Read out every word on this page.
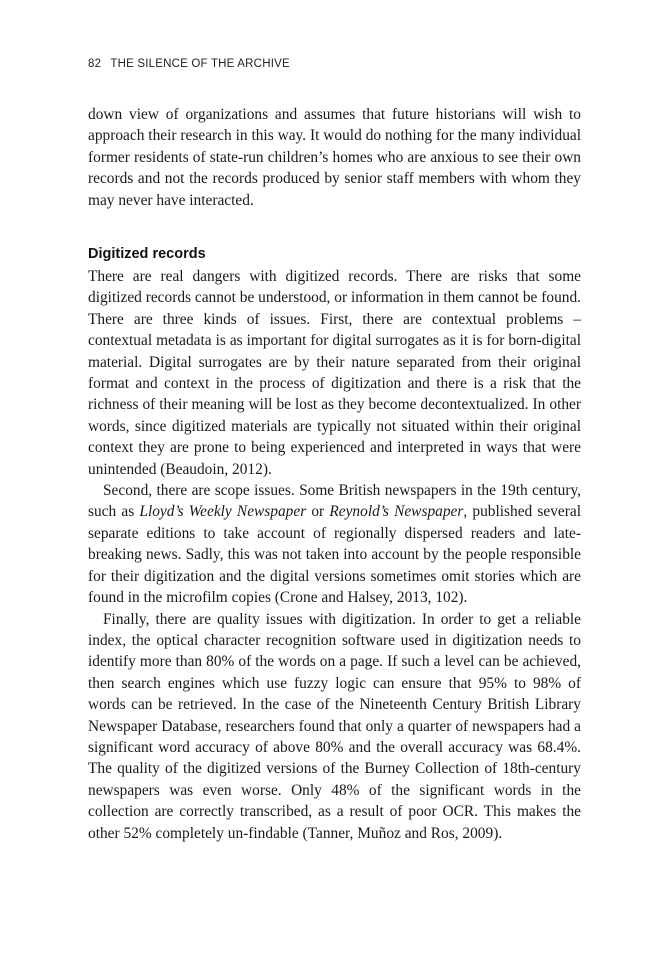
82 THE SILENCE OF THE ARCHIVE

down view of organizations and assumes that future historians will wish to approach their research in this way. It would do nothing for the many individual former residents of state-run children’s homes who are anxious to see their own records and not the records produced by senior staff members with whom they may never have interacted.

Digitized records

There are real dangers with digitized records. There are risks that some digitized records cannot be understood, or information in them cannot be found. There are three kinds of issues. First, there are contextual problems – contextual metadata is as important for digital surrogates as it is for born-digital material. Digital surrogates are by their nature separated from their original format and context in the process of digitization and there is a risk that the richness of their meaning will be lost as they become decontextualized. In other words, since digitized materials are typically not situated within their original context they are prone to being experienced and interpreted in ways that were unintended (Beaudoin, 2012).

Second, there are scope issues. Some British newspapers in the 19th century, such as Lloyd’s Weekly Newspaper or Reynold’s Newspaper, published several separate editions to take account of regionally dispersed readers and late-breaking news. Sadly, this was not taken into account by the people responsible for their digitization and the digital versions sometimes omit stories which are found in the microfilm copies (Crone and Halsey, 2013, 102).

Finally, there are quality issues with digitization. In order to get a reliable index, the optical character recognition software used in digitization needs to identify more than 80% of the words on a page. If such a level can be achieved, then search engines which use fuzzy logic can ensure that 95% to 98% of words can be retrieved. In the case of the Nineteenth Century British Library Newspaper Database, researchers found that only a quarter of newspapers had a significant word accuracy of above 80% and the overall accuracy was 68.4%. The quality of the digitized versions of the Burney Collection of 18th-century newspapers was even worse. Only 48% of the significant words in the collection are correctly transcribed, as a result of poor OCR. This makes the other 52% completely un-findable (Tanner, Muñoz and Ros, 2009).
